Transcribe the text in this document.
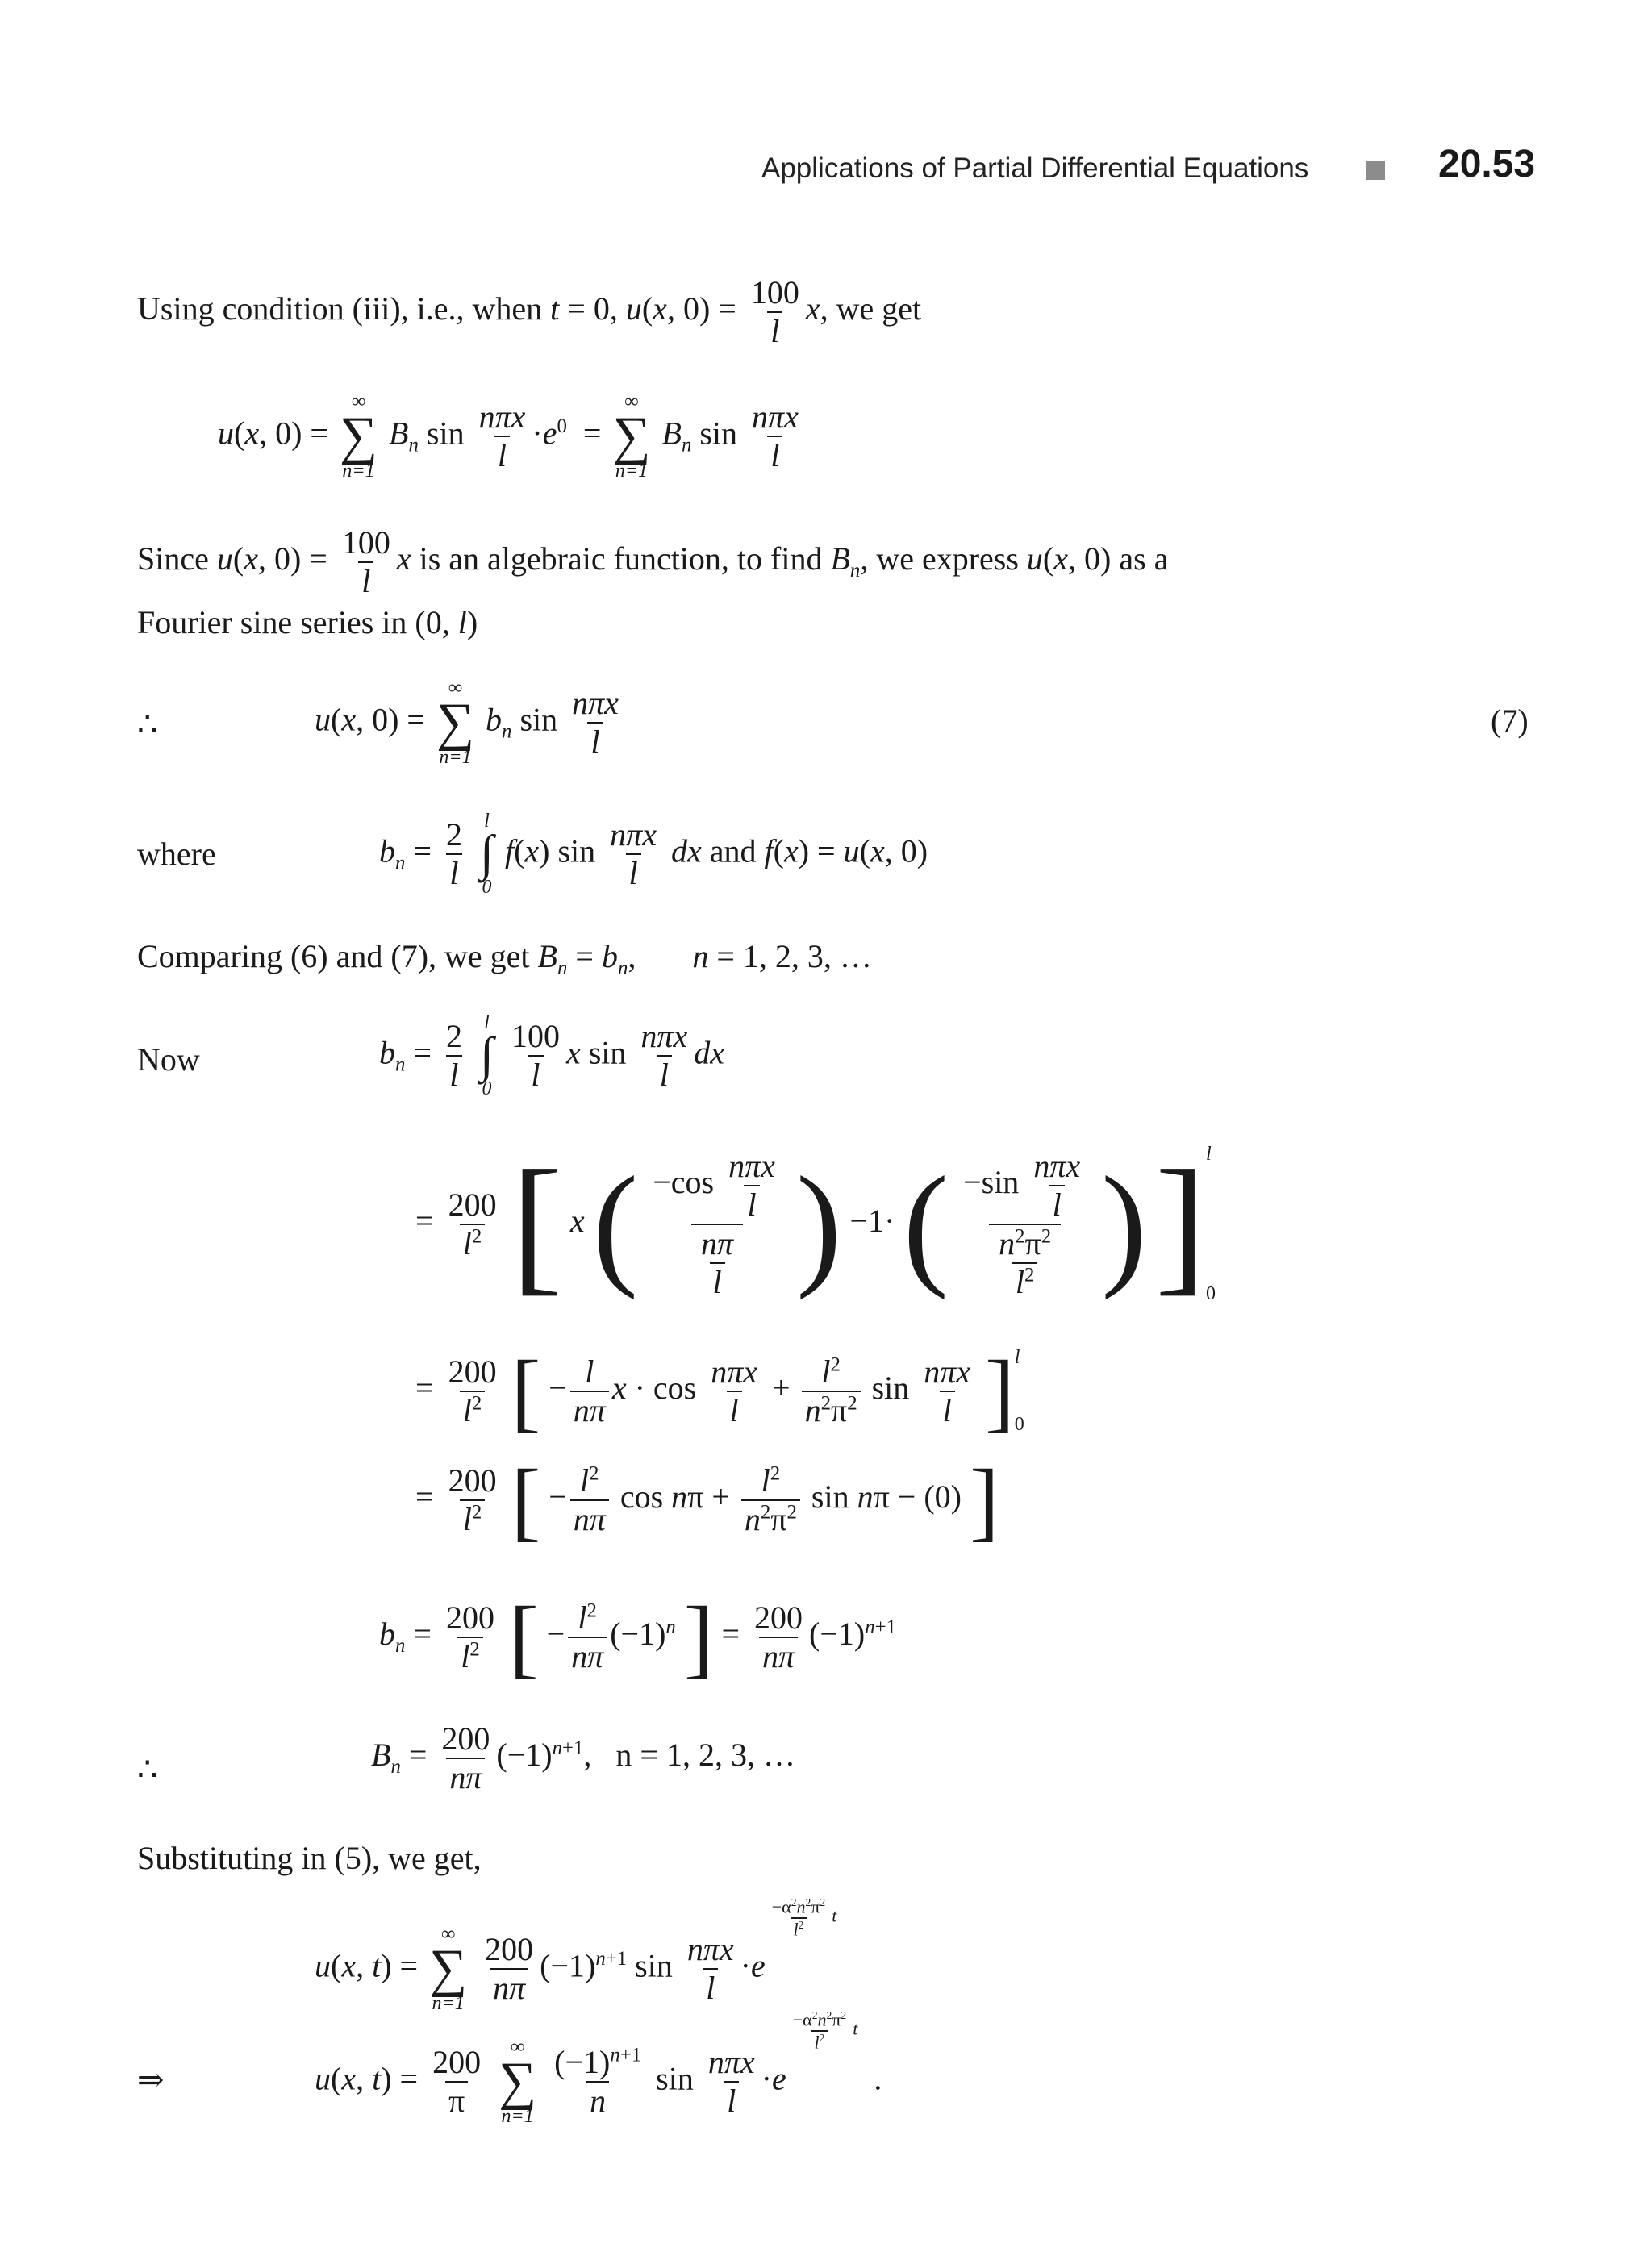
Applications of Partial Differential Equations	20.53
Using condition (iii), i.e., when t = 0, u(x, $0) = \frac{100}{l} x$, we get
u(x, 0) =
∞
∑
n=1
$B_n$ $\sin \frac{\text{nπx}}{l} \cdot e^0$  =
∞
∑
n=1
$B_n$ $\sin \frac{\text{nπx}}{l}$
Since u(x, $0) = \frac{100}{l}$ x is an algebraic function, to find $B_n$, we express u(x, 0) as a
Fourier sine series in (0, l)
∴	u(x, 0) =
∞
∑
n=1
$b_n$ $\sin \frac{\text{nπx}}{l}$	(7)
where	$b_n = \frac{2}{l}$
l
∫
0
f(x) $\sin \frac{\text{nπx}}{l}$ dx and f(x) = u(x, 0)
Comparing (6) and (7), we get $B_n = b_n$, n = 1, 2, 3, …
Now	$b_n = \frac{2}{l}$
l
∫
0
$\frac{100}{l}$ x $\sin \frac{\text{nπx}}{l}$ dx
= $\frac{200}{l^2}$ [ x ( $\frac{-\cos \frac{\text{nπx}}{l}}{\frac{n\pi}{l}}$ ) −1· ( $\frac{-\sin \frac{\text{nπx}}{l}}{\frac{n^2\pi^2}{l^2}}$ ) ] l
0
= $\frac{200}{l^2}$ [ − $\frac{l}{n\pi}$ $x \cdot \cos \frac{\text{nπx}}{l} + \frac{l^2}{n^2\pi^2}$ $\sin \frac{\text{nπx}}{l}$ ] l
0
= $\frac{200}{l^2}$ [ − $\frac{l^2}{n\pi}$ $\cos n\pi + \frac{l^2}{n^2\pi^2}$ sin nπ − (0) ]
$b_n = \frac{200}{l^2}$ [ − $\frac{l^2}{n\pi} (-1)^n$ ] = $\frac{200}{n\pi} (-1)^{n+1}$
∴	$B_n = \frac{200}{n\pi} (-1)^{n+1}$,   n = 1, 2, 3, …
Substituting in (5), we get,
u(x, t) =
∞
∑
n=1
$\frac{200}{n\pi} (-1)^{n+1}$ $\sin \frac{\text{nπx}}{l} \cdot e$
$\frac{-\alpha^2n^2\pi^2}{l^2}$ t
⇒	u(x, $t) = \frac{200}{\pi}$
∞
∑
n=1
$\frac{(-1)^{n+1}}{n}$ $\sin \frac{\text{nπx}}{l} \cdot e$
$\frac{-\alpha^2n^2\pi^2}{l^2}$ t .
